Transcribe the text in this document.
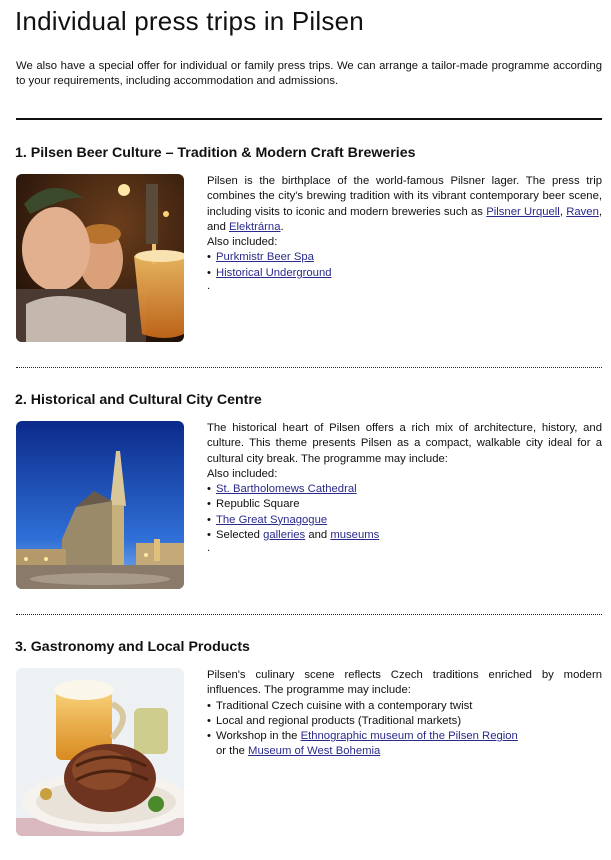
Individual press trips in Pilsen

We also have a special offer for individual or family press trips. We can arrange a tailor-made programme according to your requirements, including accommodation and admissions.

1. Pilsen Beer Culture – Tradition & Modern Craft Breweries

Pilsen is the birthplace of the world-famous Pilsner lager. The press trip combines the city's brewing tradition with its vibrant contemporary beer scene, including visits to iconic and modern breweries such as Pilsner Urquell, Raven, and Elektrárna.

Also included:
• Purkmistr Beer Spa
• Historical Underground
.
2. Historical and Cultural City Centre

The historical heart of Pilsen offers a rich mix of architecture, history, and culture. This theme presents Pilsen as a compact, walkable city ideal for a cultural city break. The programme may include:

Also included:
• St. Bartholomews Cathedral
• Republic Square
• The Great Synagogue
• Selected galleries and museums
.
3. Gastronomy and Local Products

Pilsen's culinary scene reflects Czech traditions enriched by modern influences. The programme may include:

• Traditional Czech cuisine with a contemporary twist
• Local and regional products (Traditional markets)
• Workshop in the Ethnographic museum of the Pilsen Region
or the Museum of West Bohemia
